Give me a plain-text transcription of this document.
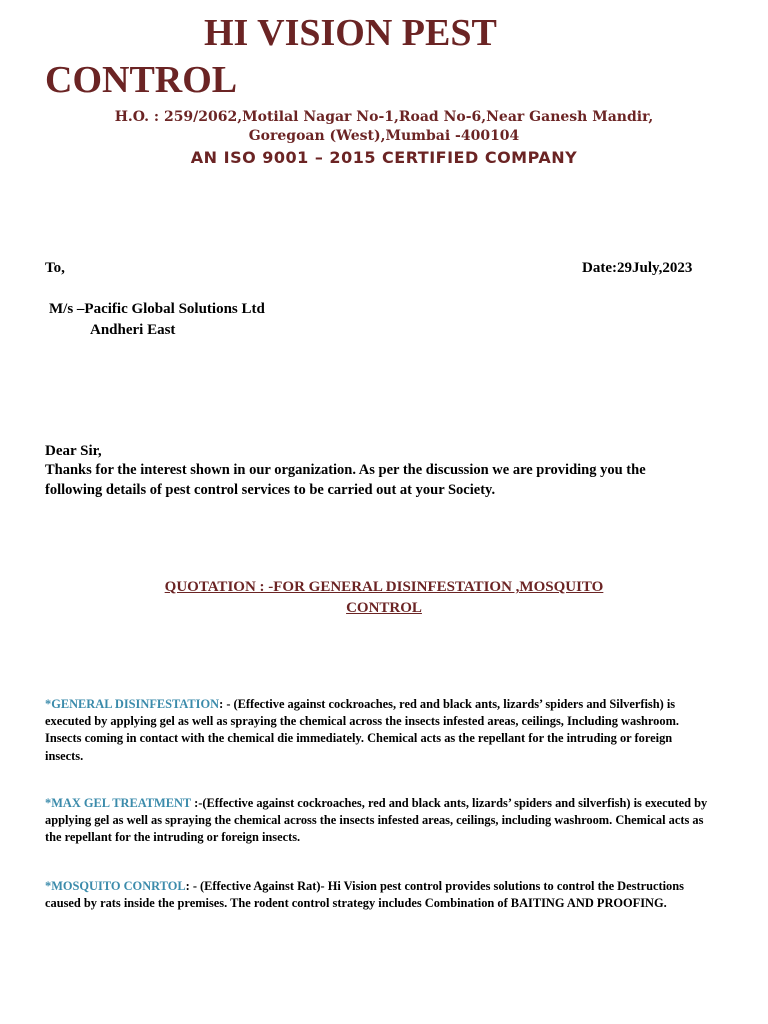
HI VISION PEST
CONTROL
H.O. : 259/2062,Motilal Nagar No-1,Road No-6,Near Ganesh Mandir,
Goregoan (West),Mumbai -400104
AN ISO 9001 – 2015 CERTIFIED COMPANY
To,	Date:29July,2023
M/s –Pacific Global Solutions Ltd
Andheri East
Dear Sir,
Thanks for the interest shown in our organization. As per the discussion we are providing you the following details of pest control services to be carried out at your Society.
QUOTATION : -FOR GENERAL DISINFESTATION ,MOSQUITO
CONTROL
*GENERAL DISINFESTATION: - (Effective against cockroaches, red and black ants, lizards’ spiders and Silverfish) is executed by applying gel as well as spraying the chemical across the insects infested areas, ceilings, Including washroom. Insects coming in contact with the chemical die immediately. Chemical acts as the repellant for the intruding or foreign insects.
*MAX GEL TREATMENT :-(Effective against cockroaches, red and black ants, lizards’ spiders and silverfish) is executed by applying gel as well as spraying the chemical across the insects infested areas, ceilings, including washroom. Chemical acts as the repellant for the intruding or foreign insects.
*MOSQUITO CONRTOL: - (Effective Against Rat)- Hi Vision pest control provides solutions to control the Destructions caused by rats inside the premises. The rodent control strategy includes Combination of BAITING AND PROOFING.
